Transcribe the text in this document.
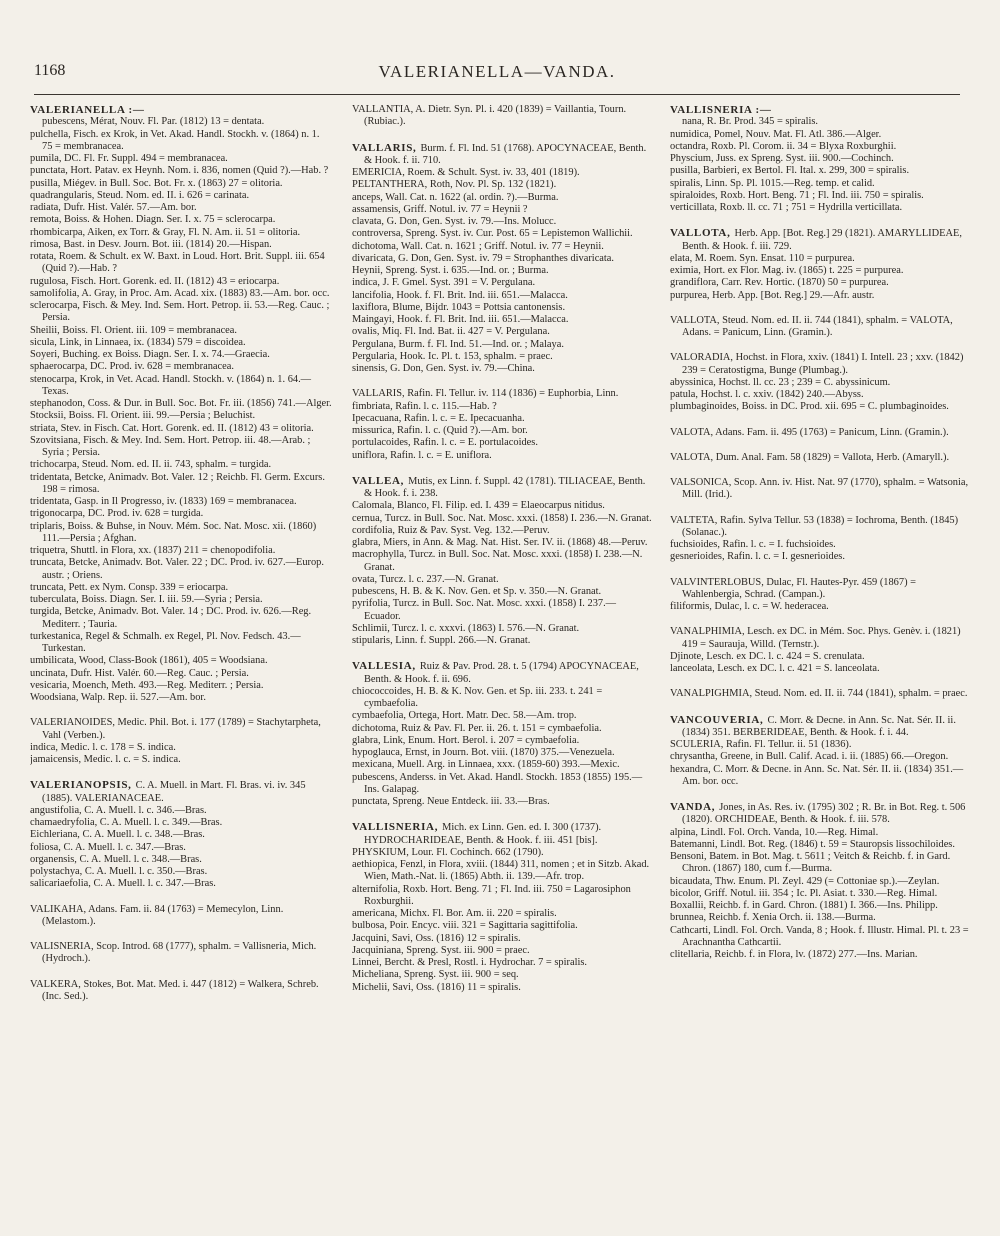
1168	VALERIANELLA—VANDA.
VALERIANELLA :—
pubescens, Mérat, Nouv. Fl. Par. (1812) 13 = dentata.
pulchella, Fisch. ex Krok, in Vet. Akad. Handl. Stockh. v. (1864) n. 1. 75 = membranacea.
pumila, DC. Fl. Fr. Suppl. 494 = membranacea.
punctata, Hort. Patav. ex Heynh. Nom. i. 836, nomen (Quid ?).—Hab. ?
pusilla, Miégev. in Bull. Soc. Bot. Fr. x. (1863) 27 = olitoria.
quadrangularis, Steud. Nom. ed. II. i. 626 = carinata.
radiata, Dufr. Hist. Valér. 57.—Am. bor.
remota, Boiss. & Hohen. Diagn. Ser. I. x. 75 = sclerocarpa.
rhombicarpa, Aiken, ex Torr. & Gray, Fl. N. Am. ii. 51 = olitoria.
rimosa, Bast. in Desv. Journ. Bot. iii. (1814) 20.—Hispan.
rotata, Roem. & Schult. ex W. Baxt. in Loud. Hort. Brit. Suppl. iii. 654 (Quid ?).—Hab. ?
rugulosa, Fisch. Hort. Gorenk. ed. II. (1812) 43 = eriocarpa.
samolifolia, A. Gray, in Proc. Am. Acad. xix. (1883) 83.—Am. bor. occ.
sclerocarpa, Fisch. & Mey. Ind. Sem. Hort. Petrop. ii. 53.—Reg. Cauc. ; Persia.
Sheilii, Boiss. Fl. Orient. iii. 109 = membranacea.
sicula, Link, in Linnaea, ix. (1834) 579 = discoidea.
Soyeri, Buching. ex Boiss. Diagn. Ser. I. x. 74.—Graecia.
sphaerocarpa, DC. Prod. iv. 628 = membranacea.
stenocarpa, Krok, in Vet. Acad. Handl. Stockh. v. (1864) n. 1. 64.—Texas.
stephanodon, Coss. & Dur. in Bull. Soc. Bot. Fr. iii. (1856) 741.—Alger.
Stocksii, Boiss. Fl. Orient. iii. 99.—Persia ; Beluchist.
striata, Stev. in Fisch. Cat. Hort. Gorenk. ed. II. (1812) 43 = olitoria.
Szovitsiana, Fisch. & Mey. Ind. Sem. Hort. Petrop. iii. 48.—Arab. ; Syria ; Persia.
trichocarpa, Steud. Nom. ed. II. ii. 743, sphalm. = turgida.
tridentata, Betcke, Animadv. Bot. Valer. 12 ; Reichb. Fl. Germ. Excurs. 198 = rimosa.
tridentata, Gasp. in Il Progresso, iv. (1833) 169 = membranacea.
trigonocarpa, DC. Prod. iv. 628 = turgida.
triplaris, Boiss. & Buhse, in Nouv. Mém. Soc. Nat. Mosc. xii. (1860) 111.—Persia ; Afghan.
triquetra, Shuttl. in Flora, xx. (1837) 211 = chenopodifolia.
truncata, Betcke, Animadv. Bot. Valer. 22 ; DC. Prod. iv. 627.—Europ. austr. ; Oriens.
truncata, Pett. ex Nym. Consp. 339 = eriocarpa.
tuberculata, Boiss. Diagn. Ser. I. iii. 59.—Syria ; Persia.
turgida, Betcke, Animadv. Bot. Valer. 14 ; DC. Prod. iv. 626.—Reg. Mediterr. ; Tauria.
turkestanica, Regel & Schmalh. ex Regel, Pl. Nov. Fedsch. 43.—Turkestan.
umbilicata, Wood, Class-Book (1861), 405 = Woodsiana.
uncinata, Dufr. Hist. Valér. 60.—Reg. Cauc. ; Persia.
vesicaria, Moench, Meth. 493.—Reg. Mediterr. ; Persia.
Woodsiana, Walp. Rep. ii. 527.—Am. bor.
VALERIANOIDES, Medic. Phil. Bot. i. 177 (1789) = Stachytarpheta, Vahl (Verben.).
indica, Medic. l. c. 178 = S. indica.
jamaicensis, Medic. l. c. = S. indica.
VALERIANOPSIS, C. A. Muell. in Mart. Fl. Bras. vi. iv. 345 (1885). VALERIANACEAE.
angustifolia, C. A. Muell. l. c. 346.—Bras.
chamaedryfolia, C. A. Muell. l. c. 349.—Bras.
Eichleriana, C. A. Muell. l. c. 348.—Bras.
foliosa, C. A. Muell. l. c. 347.—Bras.
organensis, C. A. Muell. l. c. 348.—Bras.
polystachya, C. A. Muell. l. c. 350.—Bras.
salicariaefolia, C. A. Muell. l. c. 347.—Bras.
VALIKAHA, Adans. Fam. ii. 84 (1763) = Memecylon, Linn. (Melastom.).
VALISNERIA, Scop. Introd. 68 (1777), sphalm. = Vallisneria, Mich. (Hydroch.).
VALKERA, Stokes, Bot. Mat. Med. i. 447 (1812) = Walkera, Schreb. (Inc. Sed.).
VALLANTIA, A. Dietr. Syn. Pl. i. 420 (1839) = Vaillantia, Tourn. (Rubiac.).
VALLARIS, Burm. f. Fl. Ind. 51 (1768). APOCYNACEAE, Benth. & Hook. f. ii. 710.
EMERICIA, Roem. & Schult. Syst. iv. 33, 401 (1819).
PELTANTHERA, Roth, Nov. Pl. Sp. 132 (1821).
anceps, Wall. Cat. n. 1622 (al. ordin. ?).—Burma.
assamensis, Griff. Notul. iv. 77 = Heynii ?
clavata, G. Don, Gen. Syst. iv. 79.—Ins. Molucc.
controversa, Spreng. Syst. iv. Cur. Post. 65 = Lepistemon Wallichii.
dichotoma, Wall. Cat. n. 1621 ; Griff. Notul. iv. 77 = Heynii.
divaricata, G. Don, Gen. Syst. iv. 79 = Strophanthes divaricata.
Heynii, Spreng. Syst. i. 635.—Ind. or. ; Burma.
indica, J. F. Gmel. Syst. 391 = V. Pergulana.
lancifolia, Hook. f. Fl. Brit. Ind. iii. 651.—Malacca.
laxiflora, Blume, Bijdr. 1043 = Pottsia cantonensis.
Maingayi, Hook. f. Fl. Brit. Ind. iii. 651.—Malacca.
ovalis, Miq. Fl. Ind. Bat. ii. 427 = V. Pergulana.
Pergulana, Burm. f. Fl. Ind. 51.—Ind. or. ; Malaya.
Pergularia, Hook. Ic. Pl. t. 153, sphalm. = praec.
sinensis, G. Don, Gen. Syst. iv. 79.—China.
VALLARIS, Rafin. Fl. Tellur. iv. 114 (1836) = Euphorbia, Linn.
fimbriata, Rafin. l. c. 115.—Hab. ?
Ipecacuana, Rafin. l. c. = E. Ipecacuanha.
missurica, Rafin. l. c. (Quid ?).—Am. bor.
portulacoides, Rafin. l. c. = E. portulacoides.
uniflora, Rafin. l. c. = E. uniflora.
VALLEA, Mutis, ex Linn. f. Suppl. 42 (1781). TILIACEAE, Benth. & Hook. f. i. 238.
Calomala, Blanco, Fl. Filip. ed. I. 439 = Elaeocarpus nitidus.
cernua, Turcz. in Bull. Soc. Nat. Mosc. xxxi. (1858) I. 236.—N. Granat.
cordifolia, Ruiz & Pav. Syst. Veg. 132.—Peruv.
glabra, Miers, in Ann. & Mag. Nat. Hist. Ser. IV. ii. (1868) 48.—Peruv.
macrophylla, Turcz. in Bull. Soc. Nat. Mosc. xxxi. (1858) I. 238.—N. Granat.
ovata, Turcz. l. c. 237.—N. Granat.
pubescens, H. B. & K. Nov. Gen. et Sp. v. 350.—N. Granat.
pyrifolia, Turcz. in Bull. Soc. Nat. Mosc. xxxi. (1858) I. 237.—Ecuador.
Schlimii, Turcz. l. c. xxxvi. (1863) I. 576.—N. Granat.
stipularis, Linn. f. Suppl. 266.—N. Granat.
VALLESIA, Ruiz & Pav. Prod. 28. t. 5 (1794) APOCYNACEAE, Benth. & Hook. f. ii. 696.
chiococcoides, H. B. & K. Nov. Gen. et Sp. iii. 233. t. 241 = cymbaefolia.
cymbaefolia, Ortega, Hort. Matr. Dec. 58.—Am. trop.
dichotoma, Ruiz & Pav. Fl. Per. ii. 26. t. 151 = cymbaefolia.
glabra, Link, Enum. Hort. Berol. i. 207 = cymbaefolia.
hypoglauca, Ernst, in Journ. Bot. viii. (1870) 375.—Venezuela.
mexicana, Muell. Arg. in Linnaea, xxx. (1859-60) 393.—Mexic.
pubescens, Anderss. in Vet. Akad. Handl. Stockh. 1853 (1855) 195.—Ins. Galapag.
punctata, Spreng. Neue Entdeck. iii. 33.—Bras.
VALLISNERIA, Mich. ex Linn. Gen. ed. I. 300 (1737). HYDROCHARIDEAE, Benth. & Hook. f. iii. 451 [bis].
PHYSKIUM, Lour. Fl. Cochinch. 662 (1790).
aethiopica, Fenzl, in Flora, xviii. (1844) 311, nomen ; et in Sitzb. Akad. Wien, Math.-Nat. li. (1865) Abth. ii. 139.—Afr. trop.
alternifolia, Roxb. Hort. Beng. 71 ; Fl. Ind. iii. 750 = Lagarosiphon Roxburghii.
americana, Michx. Fl. Bor. Am. ii. 220 = spiralis.
bulbosa, Poir. Encyc. viii. 321 = Sagittaria sagittifolia.
Jacquini, Savi, Oss. (1816) 12 = spiralis.
Jacquiniana, Spreng. Syst. iii. 900 = praec.
Linnei, Bercht. & Presl, Rostl. i. Hydrochar. 7 = spiralis.
Micheliana, Spreng. Syst. iii. 900 = seq.
Michelii, Savi, Oss. (1816) 11 = spiralis.
VALLISNERIA :—
nana, R. Br. Prod. 345 = spiralis.
numidica, Pomel, Nouv. Mat. Fl. Atl. 386.—Alger.
octandra, Roxb. Pl. Corom. ii. 34 = Blyxa Roxburghii.
Physcium, Juss. ex Spreng. Syst. iii. 900.—Cochinch.
pusilla, Barbieri, ex Bertol. Fl. Ital. x. 299, 300 = spiralis.
spiralis, Linn. Sp. Pl. 1015.—Reg. temp. et calid.
spiraloides, Roxb. Hort. Beng. 71 ; Fl. Ind. iii. 750 = spiralis.
verticillata, Roxb. ll. cc. 71 ; 751 = Hydrilla verticillata.
VALLOTA, Herb. App. [Bot. Reg.] 29 (1821). AMARYLLIDEAE, Benth. & Hook. f. iii. 729.
elata, M. Roem. Syn. Ensat. 110 = purpurea.
eximia, Hort. ex Flor. Mag. iv. (1865) t. 225 = purpurea.
grandiflora, Carr. Rev. Hortic. (1870) 50 = purpurea.
purpurea, Herb. App. [Bot. Reg.] 29.—Afr. austr.
VALLOTA, Steud. Nom. ed. II. ii. 744 (1841), sphalm. = VALOTA, Adans. = Panicum, Linn. (Gramin.).
VALORADIA, Hochst. in Flora, xxiv. (1841) I. Intell. 23 ; xxv. (1842) 239 = Ceratostigma, Bunge (Plumbag.).
abyssinica, Hochst. ll. cc. 23 ; 239 = C. abyssinicum.
patula, Hochst. l. c. xxiv. (1842) 240.—Abyss.
plumbaginoides, Boiss. in DC. Prod. xii. 695 = C. plumbaginoides.
VALOTA, Adans. Fam. ii. 495 (1763) = Panicum, Linn. (Gramin.).
VALOTA, Dum. Anal. Fam. 58 (1829) = Vallota, Herb. (Amaryll.).
VALSONICA, Scop. Ann. iv. Hist. Nat. 97 (1770), sphalm. = Watsonia, Mill. (Irid.).
VALTETA, Rafin. Sylva Tellur. 53 (1838) = Iochroma, Benth. (1845) (Solanac.).
fuchsioides, Rafin. l. c. = I. fuchsioides.
gesnerioides, Rafin. l. c. = I. gesnerioides.
VALVINTERLOBUS, Dulac, Fl. Hautes-Pyr. 459 (1867) = Wahlenbergia, Schrad. (Campan.).
filiformis, Dulac, l. c. = W. hederacea.
VANALPHIMIA, Lesch. ex DC. in Mém. Soc. Phys. Genèv. i. (1821) 419 = Saurauja, Willd. (Ternstr.).
Djinote, Lesch. ex DC. l. c. 424 = S. crenulata.
lanceolata, Lesch. ex DC. l. c. 421 = S. lanceolata.
VANALPIGHMIA, Steud. Nom. ed. II. ii. 744 (1841), sphalm. = praec.
VANCOUVERIA, C. Morr. & Decne. in Ann. Sc. Nat. Sér. II. ii. (1834) 351. BERBERIDEAE, Benth. & Hook. f. i. 44.
SCULERIA, Rafin. Fl. Tellur. ii. 51 (1836).
chrysantha, Greene, in Bull. Calif. Acad. i. ii. (1885) 66.—Oregon.
hexandra, C. Morr. & Decne. in Ann. Sc. Nat. Sér. II. ii. (1834) 351.—Am. bor. occ.
VANDA, Jones, in As. Res. iv. (1795) 302 ; R. Br. in Bot. Reg. t. 506 (1820). ORCHIDEAE, Benth. & Hook. f. iii. 578.
alpina, Lindl. Fol. Orch. Vanda, 10.—Reg. Himal.
Batemanni, Lindl. Bot. Reg. (1846) t. 59 = Stauropsis lissochiloides.
Bensoni, Batem. in Bot. Mag. t. 5611 ; Veitch & Reichb. f. in Gard. Chron. (1867) 180, cum f.—Burma.
bicaudata, Thw. Enum. Pl. Zeyl. 429 (= Cottoniae sp.).—Zeylan.
bicolor, Griff. Notul. iii. 354 ; Ic. Pl. Asiat. t. 330.—Reg. Himal.
Boxallii, Reichb. f. in Gard. Chron. (1881) I. 366.—Ins. Philipp.
brunnea, Reichb. f. Xenia Orch. ii. 138.—Burma.
Cathcarti, Lindl. Fol. Orch. Vanda, 8 ; Hook. f. Illustr. Himal. Pl. t. 23 = Arachnantha Cathcartii.
clitellaria, Reichb. f. in Flora, lv. (1872) 277.—Ins. Marian.
